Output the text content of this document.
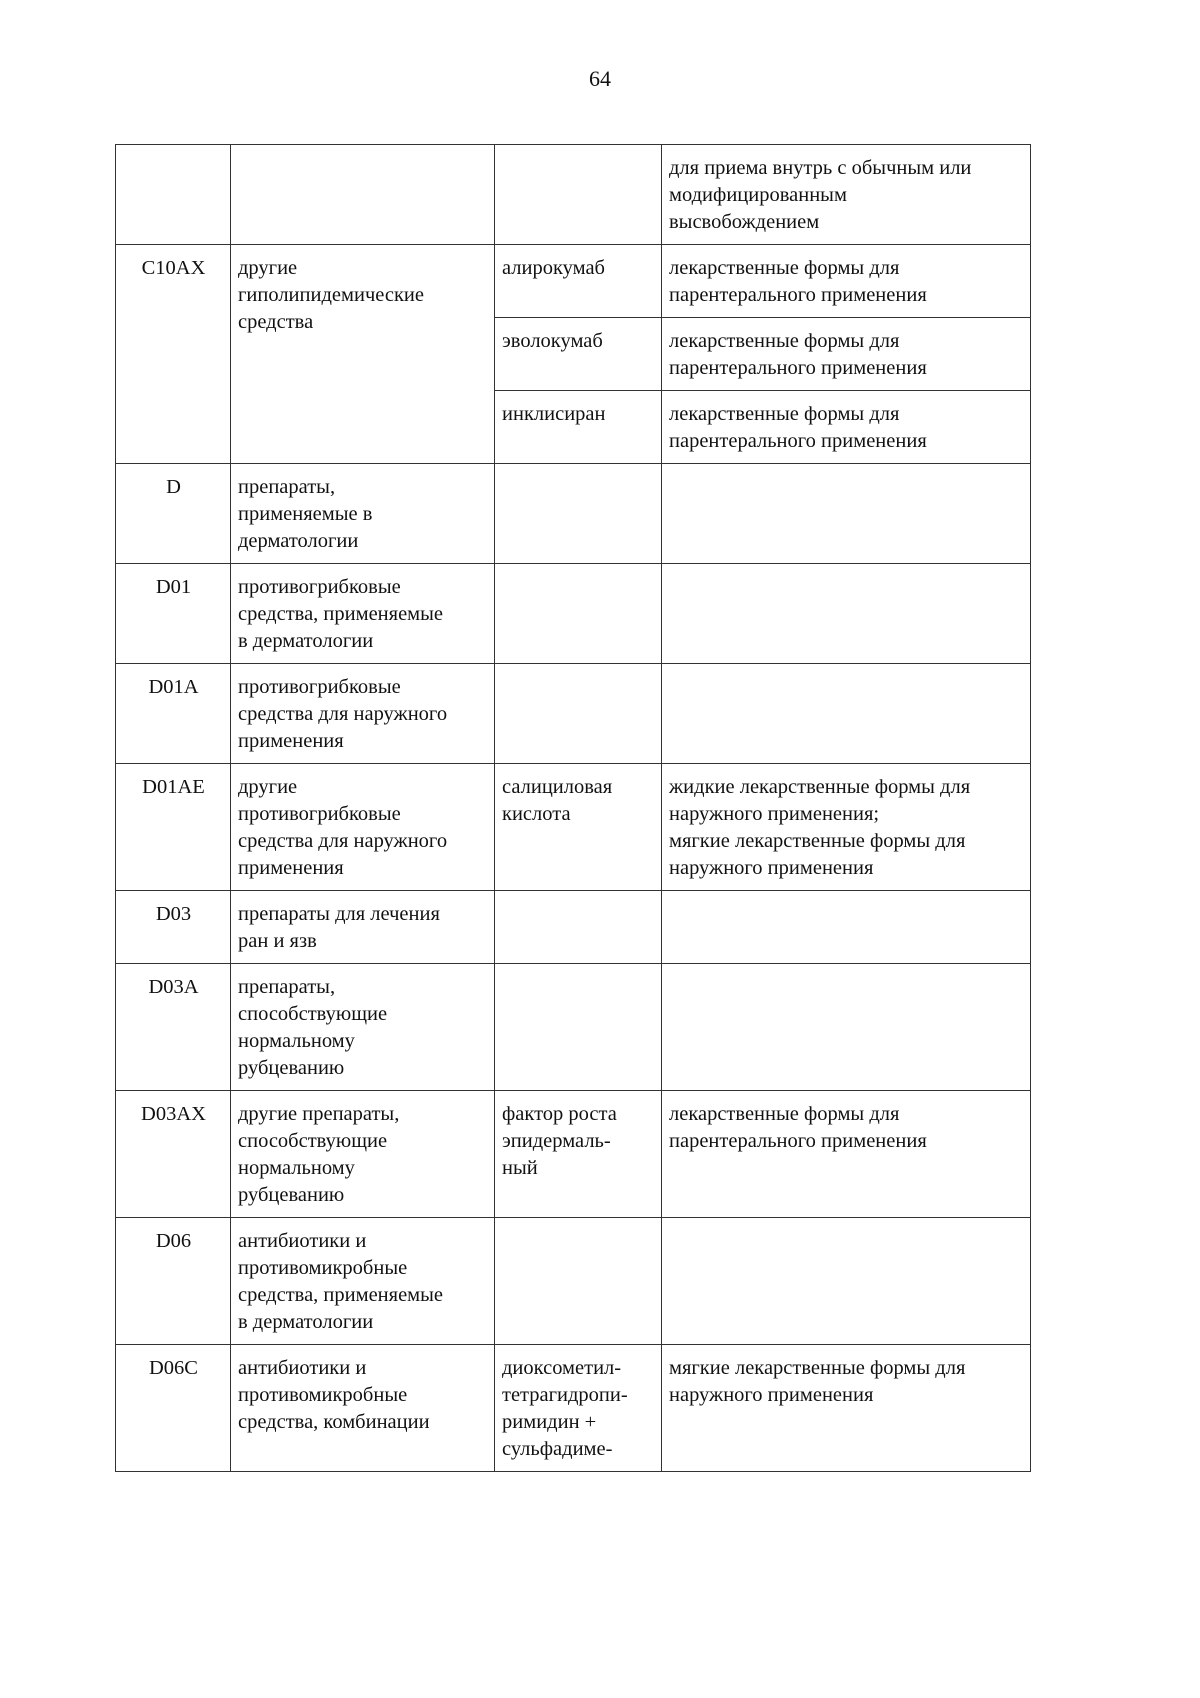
64

			для приема внутрь с обычным или
модифицированным
высвобождением

C10AX	другие
гиполипидемические
средства	алирокумаб	лекарственные формы для
парентерального применения

		эволокумаб	лекарственные формы для
парентерального применения

		инклисиран	лекарственные формы для
парентерального применения

D	препараты,
применяемые в
дерматологии		

D01	противогрибковые
средства, применяемые
в дерматологии		

D01A	противогрибковые
средства для наружного
применения		

D01AE	другие
противогрибковые
средства для наружного
применения	салициловая
кислота	жидкие лекарственные формы для
наружного применения;
мягкие лекарственные формы для
наружного применения

D03	препараты для лечения
ран и язв		

D03A	препараты,
способствующие
нормальному
рубцеванию		

D03AX	другие препараты,
способствующие
нормальному
рубцеванию	фактор роста
эпидермаль-
ный	лекарственные формы для
парентерального применения

D06	антибиотики и
противомикробные
средства, применяемые
в дерматологии		

D06C	антибиотики и
противомикробные
средства, комбинации	диоксометил-
тетрагидропи-
римидин +
сульфадиме-	мягкие лекарственные формы для
наружного применения
